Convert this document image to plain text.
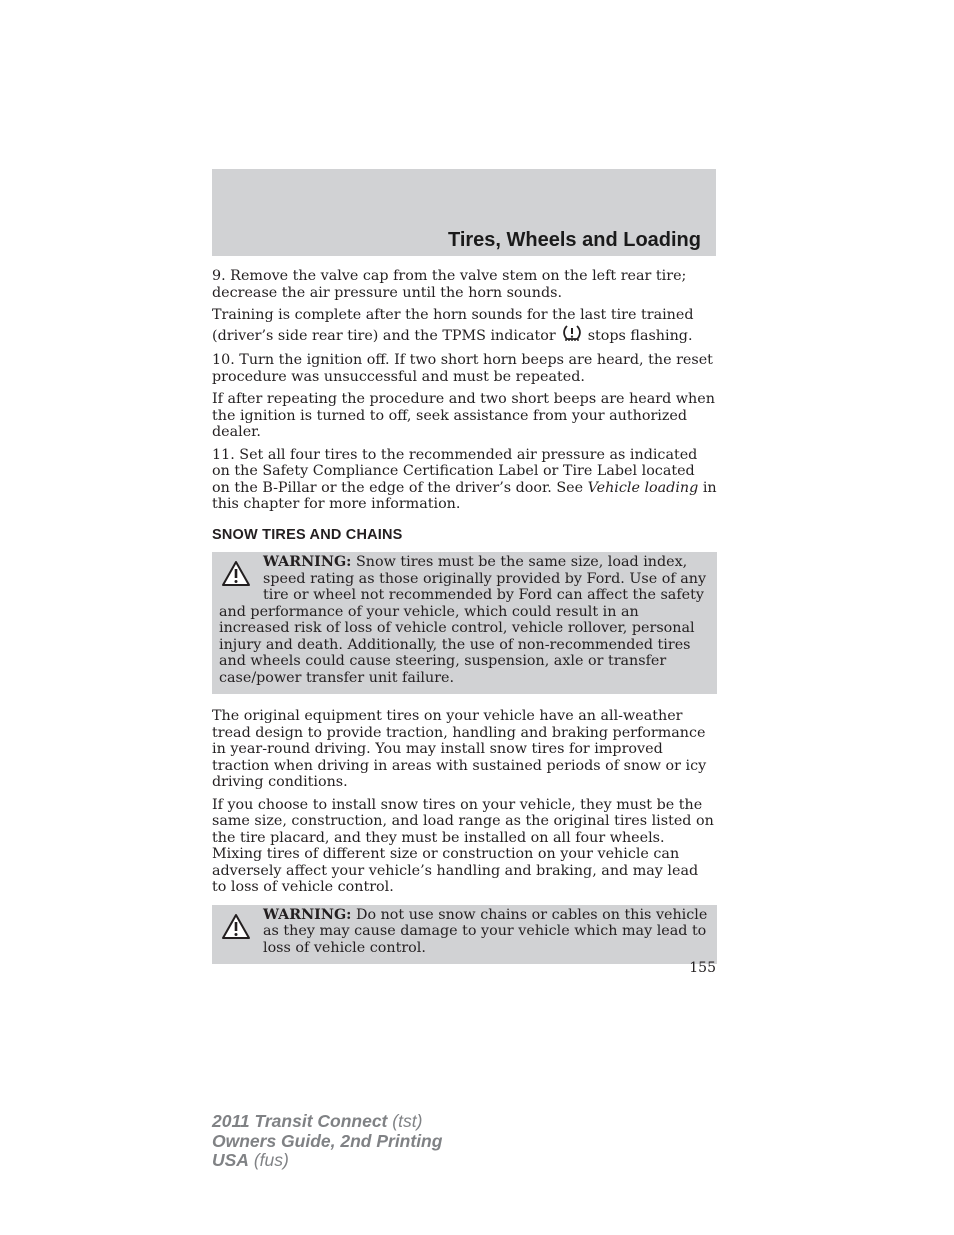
Tires, Wheels and Loading

9. Remove the valve cap from the valve stem on the left rear tire; decrease the air pressure until the horn sounds.

Training is complete after the horn sounds for the last tire trained (driver’s side rear tire) and the TPMS indicator stops flashing.

10. Turn the ignition off. If two short horn beeps are heard, the reset procedure was unsuccessful and must be repeated.

If after repeating the procedure and two short beeps are heard when the ignition is turned to off, seek assistance from your authorized dealer.

11. Set all four tires to the recommended air pressure as indicated on the Safety Compliance Certification Label or Tire Label located on the B-Pillar or the edge of the driver’s door. See Vehicle loading in this chapter for more information.

SNOW TIRES AND CHAINS
WARNING: Snow tires must be the same size, load index, speed rating as those originally provided by Ford. Use of any tire or wheel not recommended by Ford can affect the safety and performance of your vehicle, which could result in an increased risk of loss of vehicle control, vehicle rollover, personal injury and death. Additionally, the use of non-recommended tires and wheels could cause steering, suspension, axle or transfer case/power transfer unit failure.

The original equipment tires on your vehicle have an all-weather tread design to provide traction, handling and braking performance in year-round driving. You may install snow tires for improved traction when driving in areas with sustained periods of snow or icy driving conditions.

If you choose to install snow tires on your vehicle, they must be the same size, construction, and load range as the original tires listed on the tire placard, and they must be installed on all four wheels. Mixing tires of different size or construction on your vehicle can adversely affect your vehicle’s handling and braking, and may lead to loss of vehicle control.

WARNING: Do not use snow chains or cables on this vehicle as they may cause damage to your vehicle which may lead to loss of vehicle control.
155
2011 Transit Connect (tst)
Owners Guide, 2nd Printing
USA (fus)
